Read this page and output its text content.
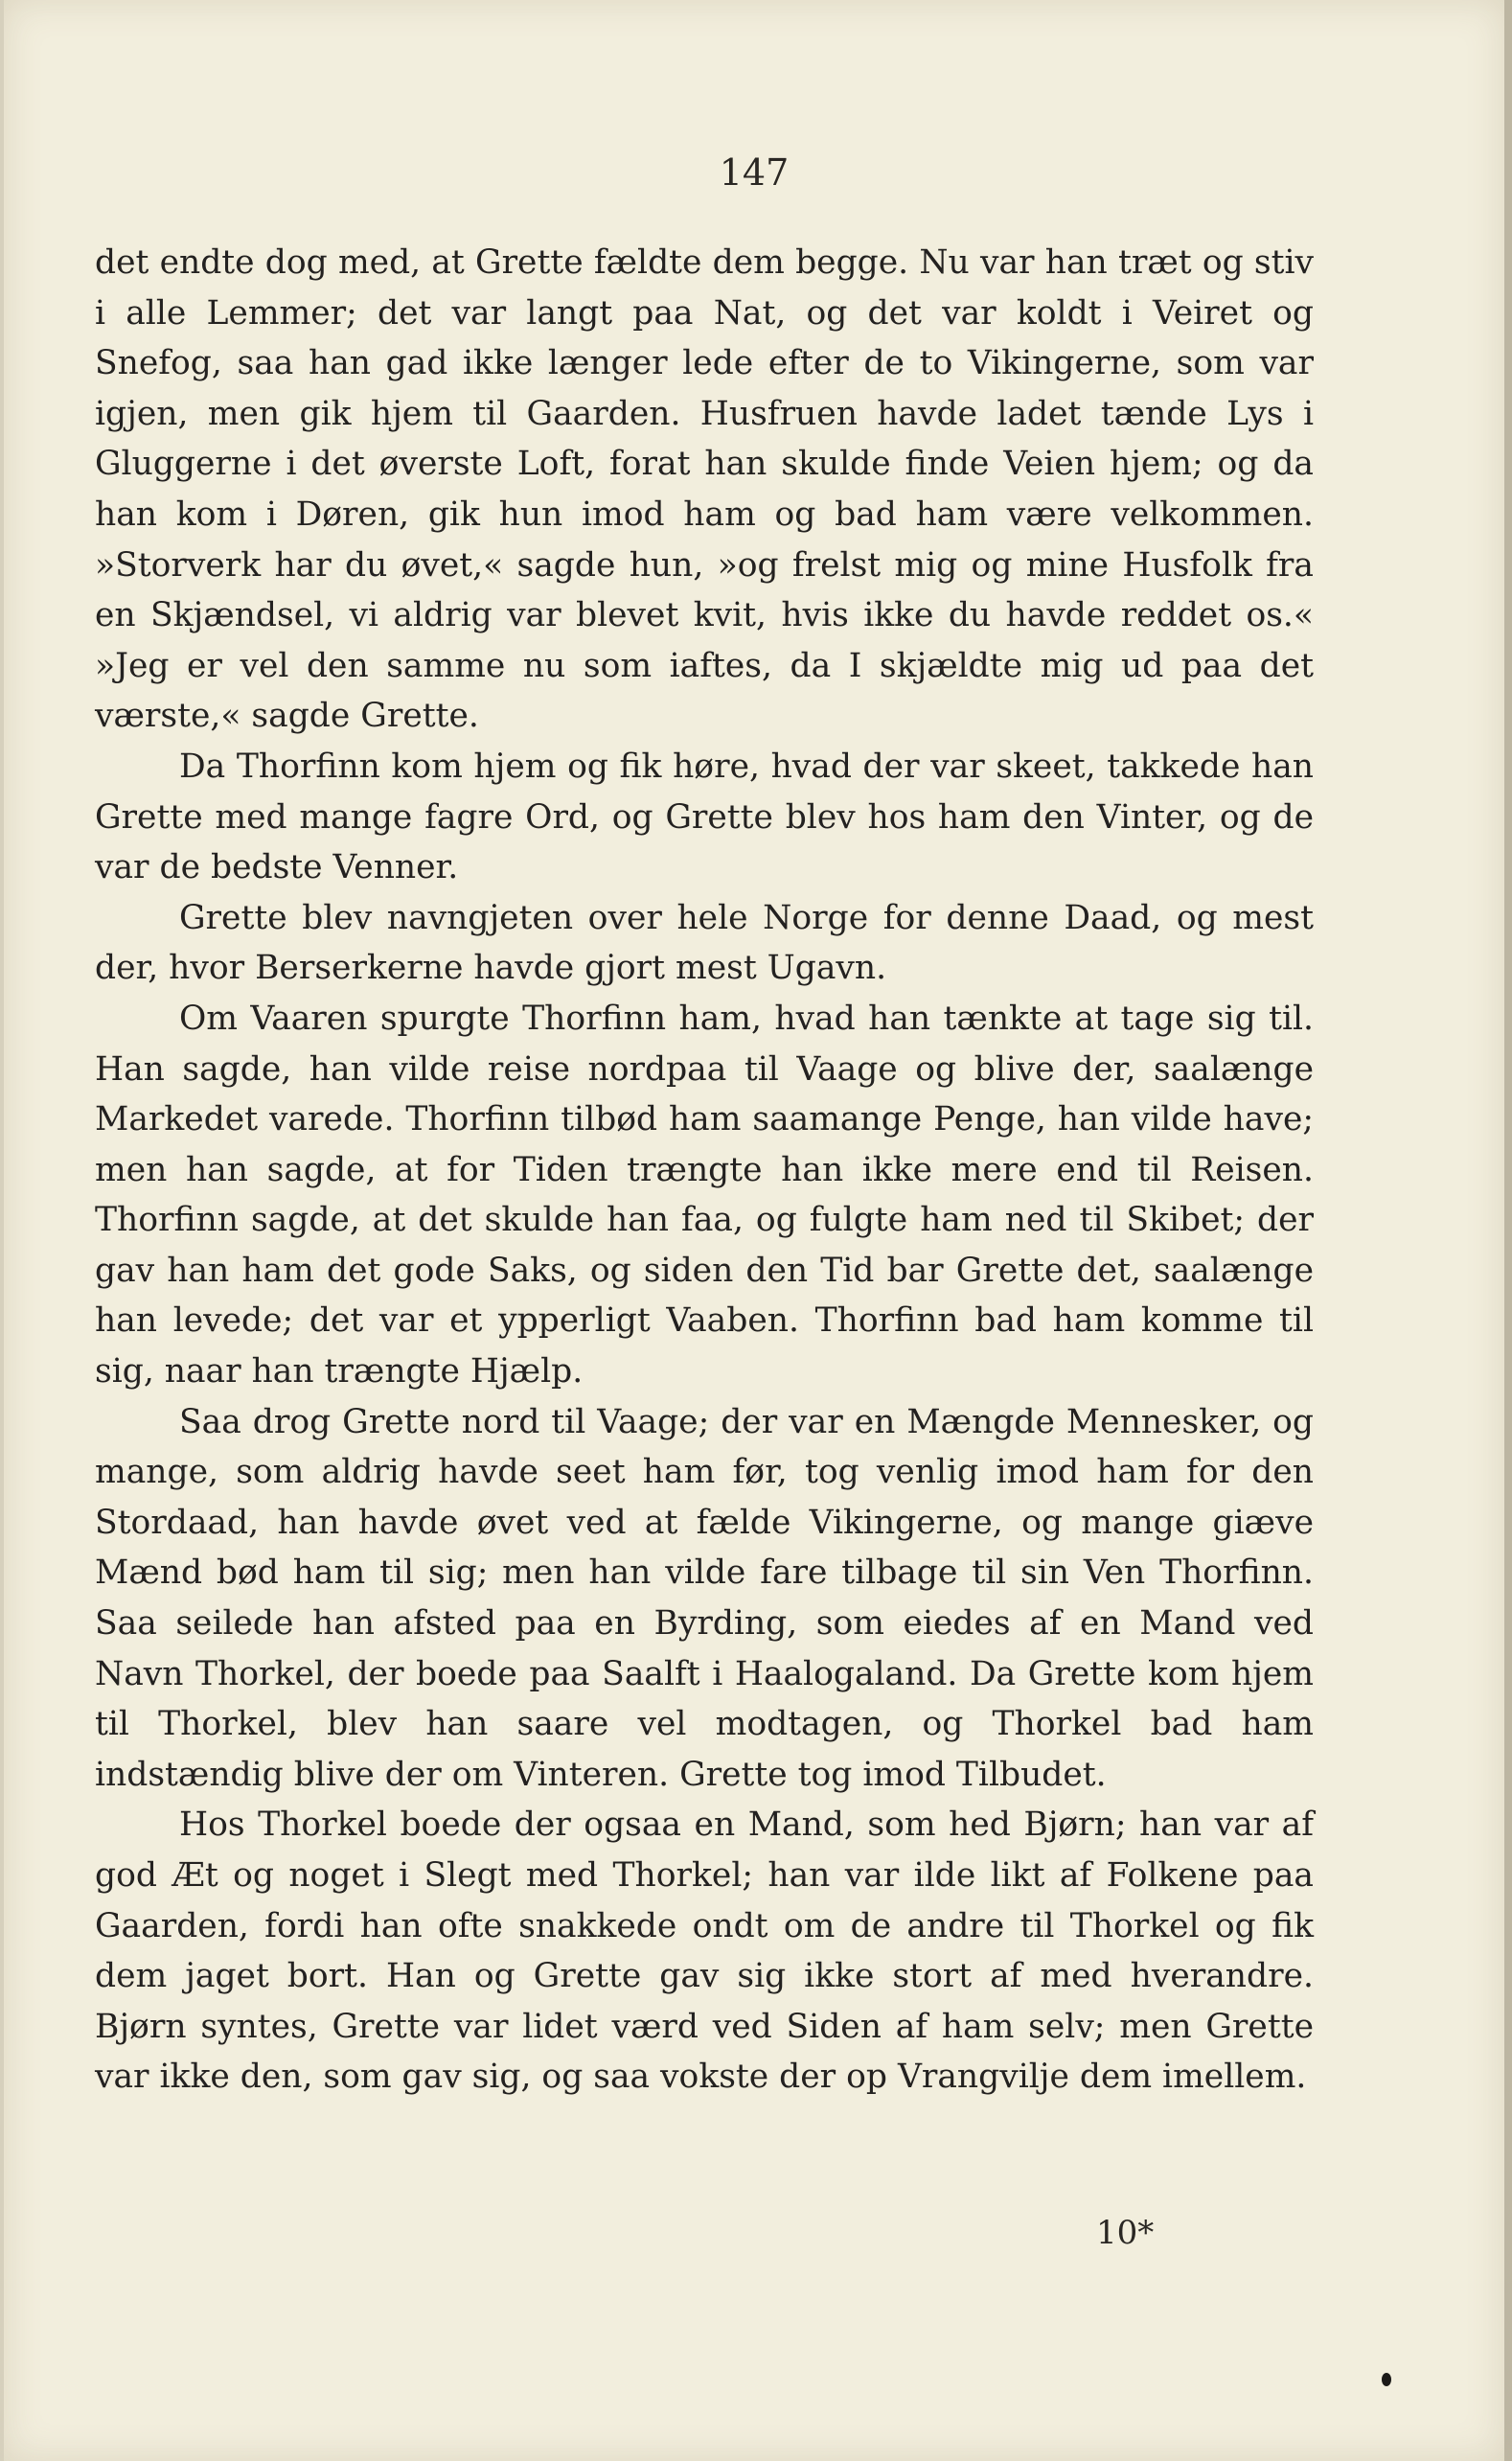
147

det endte dog med, at Grette fældte dem begge. Nu var han træt og stiv i alle Lemmer; det var langt paa Nat, og det var koldt i Veiret og Snefog, saa han gad ikke længer lede efter de to Vikingerne, som var igjen, men gik hjem til Gaarden. Husfruen havde ladet tænde Lys i Gluggerne i det øverste Loft, forat han skulde finde Veien hjem; og da han kom i Døren, gik hun imod ham og bad ham være velkommen. »Storverk har du øvet,« sagde hun, »og frelst mig og mine Husfolk fra en Skjændsel, vi aldrig var blevet kvit, hvis ikke du havde reddet os.« »Jeg er vel den samme nu som iaftes, da I skjældte mig ud paa det værste,« sagde Grette.

Da Thorfinn kom hjem og fik høre, hvad der var skeet, takkede han Grette med mange fagre Ord, og Grette blev hos ham den Vinter, og de var de bedste Venner.

Grette blev navngjeten over hele Norge for denne Daad, og mest der, hvor Berserkerne havde gjort mest Ugavn.

Om Vaaren spurgte Thorfinn ham, hvad han tænkte at tage sig til. Han sagde, han vilde reise nordpaa til Vaage og blive der, saalænge Markedet varede. Thorfinn tilbød ham saamange Penge, han vilde have; men han sagde, at for Tiden trængte han ikke mere end til Reisen. Thorfinn sagde, at det skulde han faa, og fulgte ham ned til Skibet; der gav han ham det gode Saks, og siden den Tid bar Grette det, saalænge han levede; det var et ypperligt Vaaben. Thorfinn bad ham komme til sig, naar han trængte Hjælp.

Saa drog Grette nord til Vaage; der var en Mængde Mennesker, og mange, som aldrig havde seet ham før, tog venlig imod ham for den Stordaad, han havde øvet ved at fælde Vikingerne, og mange giæve Mænd bød ham til sig; men han vilde fare tilbage til sin Ven Thorfinn. Saa seilede han afsted paa en Byrding, som eiedes af en Mand ved Navn Thorkel, der boede paa Saalft i Haalogaland. Da Grette kom hjem til Thorkel, blev han saare vel modtagen, og Thorkel bad ham indstændig blive der om Vinteren. Grette tog imod Tilbudet.

Hos Thorkel boede der ogsaa en Mand, som hed Bjørn; han var af god Æt og noget i Slegt med Thorkel; han var ilde likt af Folkene paa Gaarden, fordi han ofte snakkede ondt om de andre til Thorkel og fik dem jaget bort. Han og Grette gav sig ikke stort af med hverandre. Bjørn syntes, Grette var lidet værd ved Siden af ham selv; men Grette var ikke den, som gav sig, og saa vokste der op Vrangvilje dem imellem.

10*
